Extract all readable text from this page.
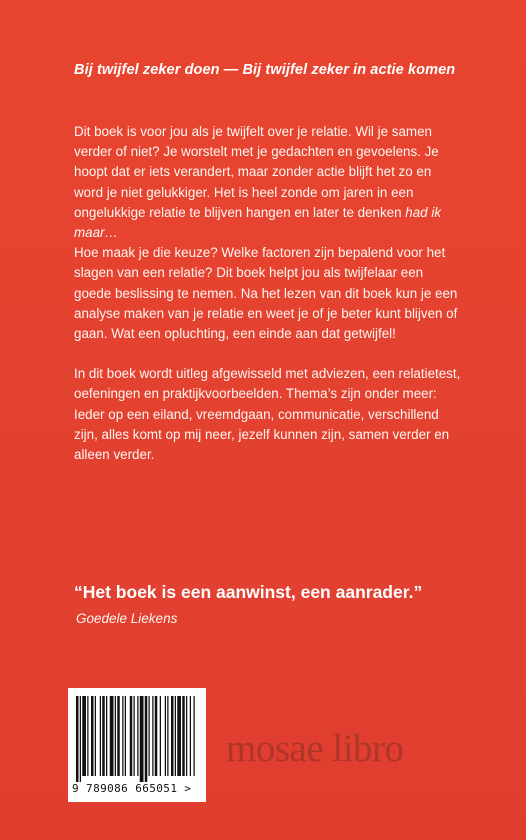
Bij twijfel zeker doen — Bij twijfel zeker in actie komen

Dit boek is voor jou als je twijfelt over je relatie. Wil je samen verder of niet? Je worstelt met je gedachten en gevoelens. Je hoopt dat er iets verandert, maar zonder actie blijft het zo en word je niet gelukkiger. Het is heel zonde om jaren in een ongelukkige relatie te blijven hangen en later te denken had ik maar…

Hoe maak je die keuze? Welke factoren zijn bepalend voor het slagen van een relatie? Dit boek helpt jou als twijfelaar een goede beslissing te nemen. Na het lezen van dit boek kun je een analyse maken van je relatie en weet je of je beter kunt blijven of gaan. Wat een opluchting, een einde aan dat getwijfel!

In dit boek wordt uitleg afgewisseld met adviezen, een relatietest, oefeningen en praktijkvoorbeelden. Thema’s zijn onder meer: Ieder op een eiland, vreemdgaan, communicatie, verschillend zijn, alles komt op mij neer, jezelf kunnen zijn, samen verder en alleen verder.

“Het boek is een aanwinst, een aanrader.”
Goedele Liekens
9 789086 665051 >
mosae libro
